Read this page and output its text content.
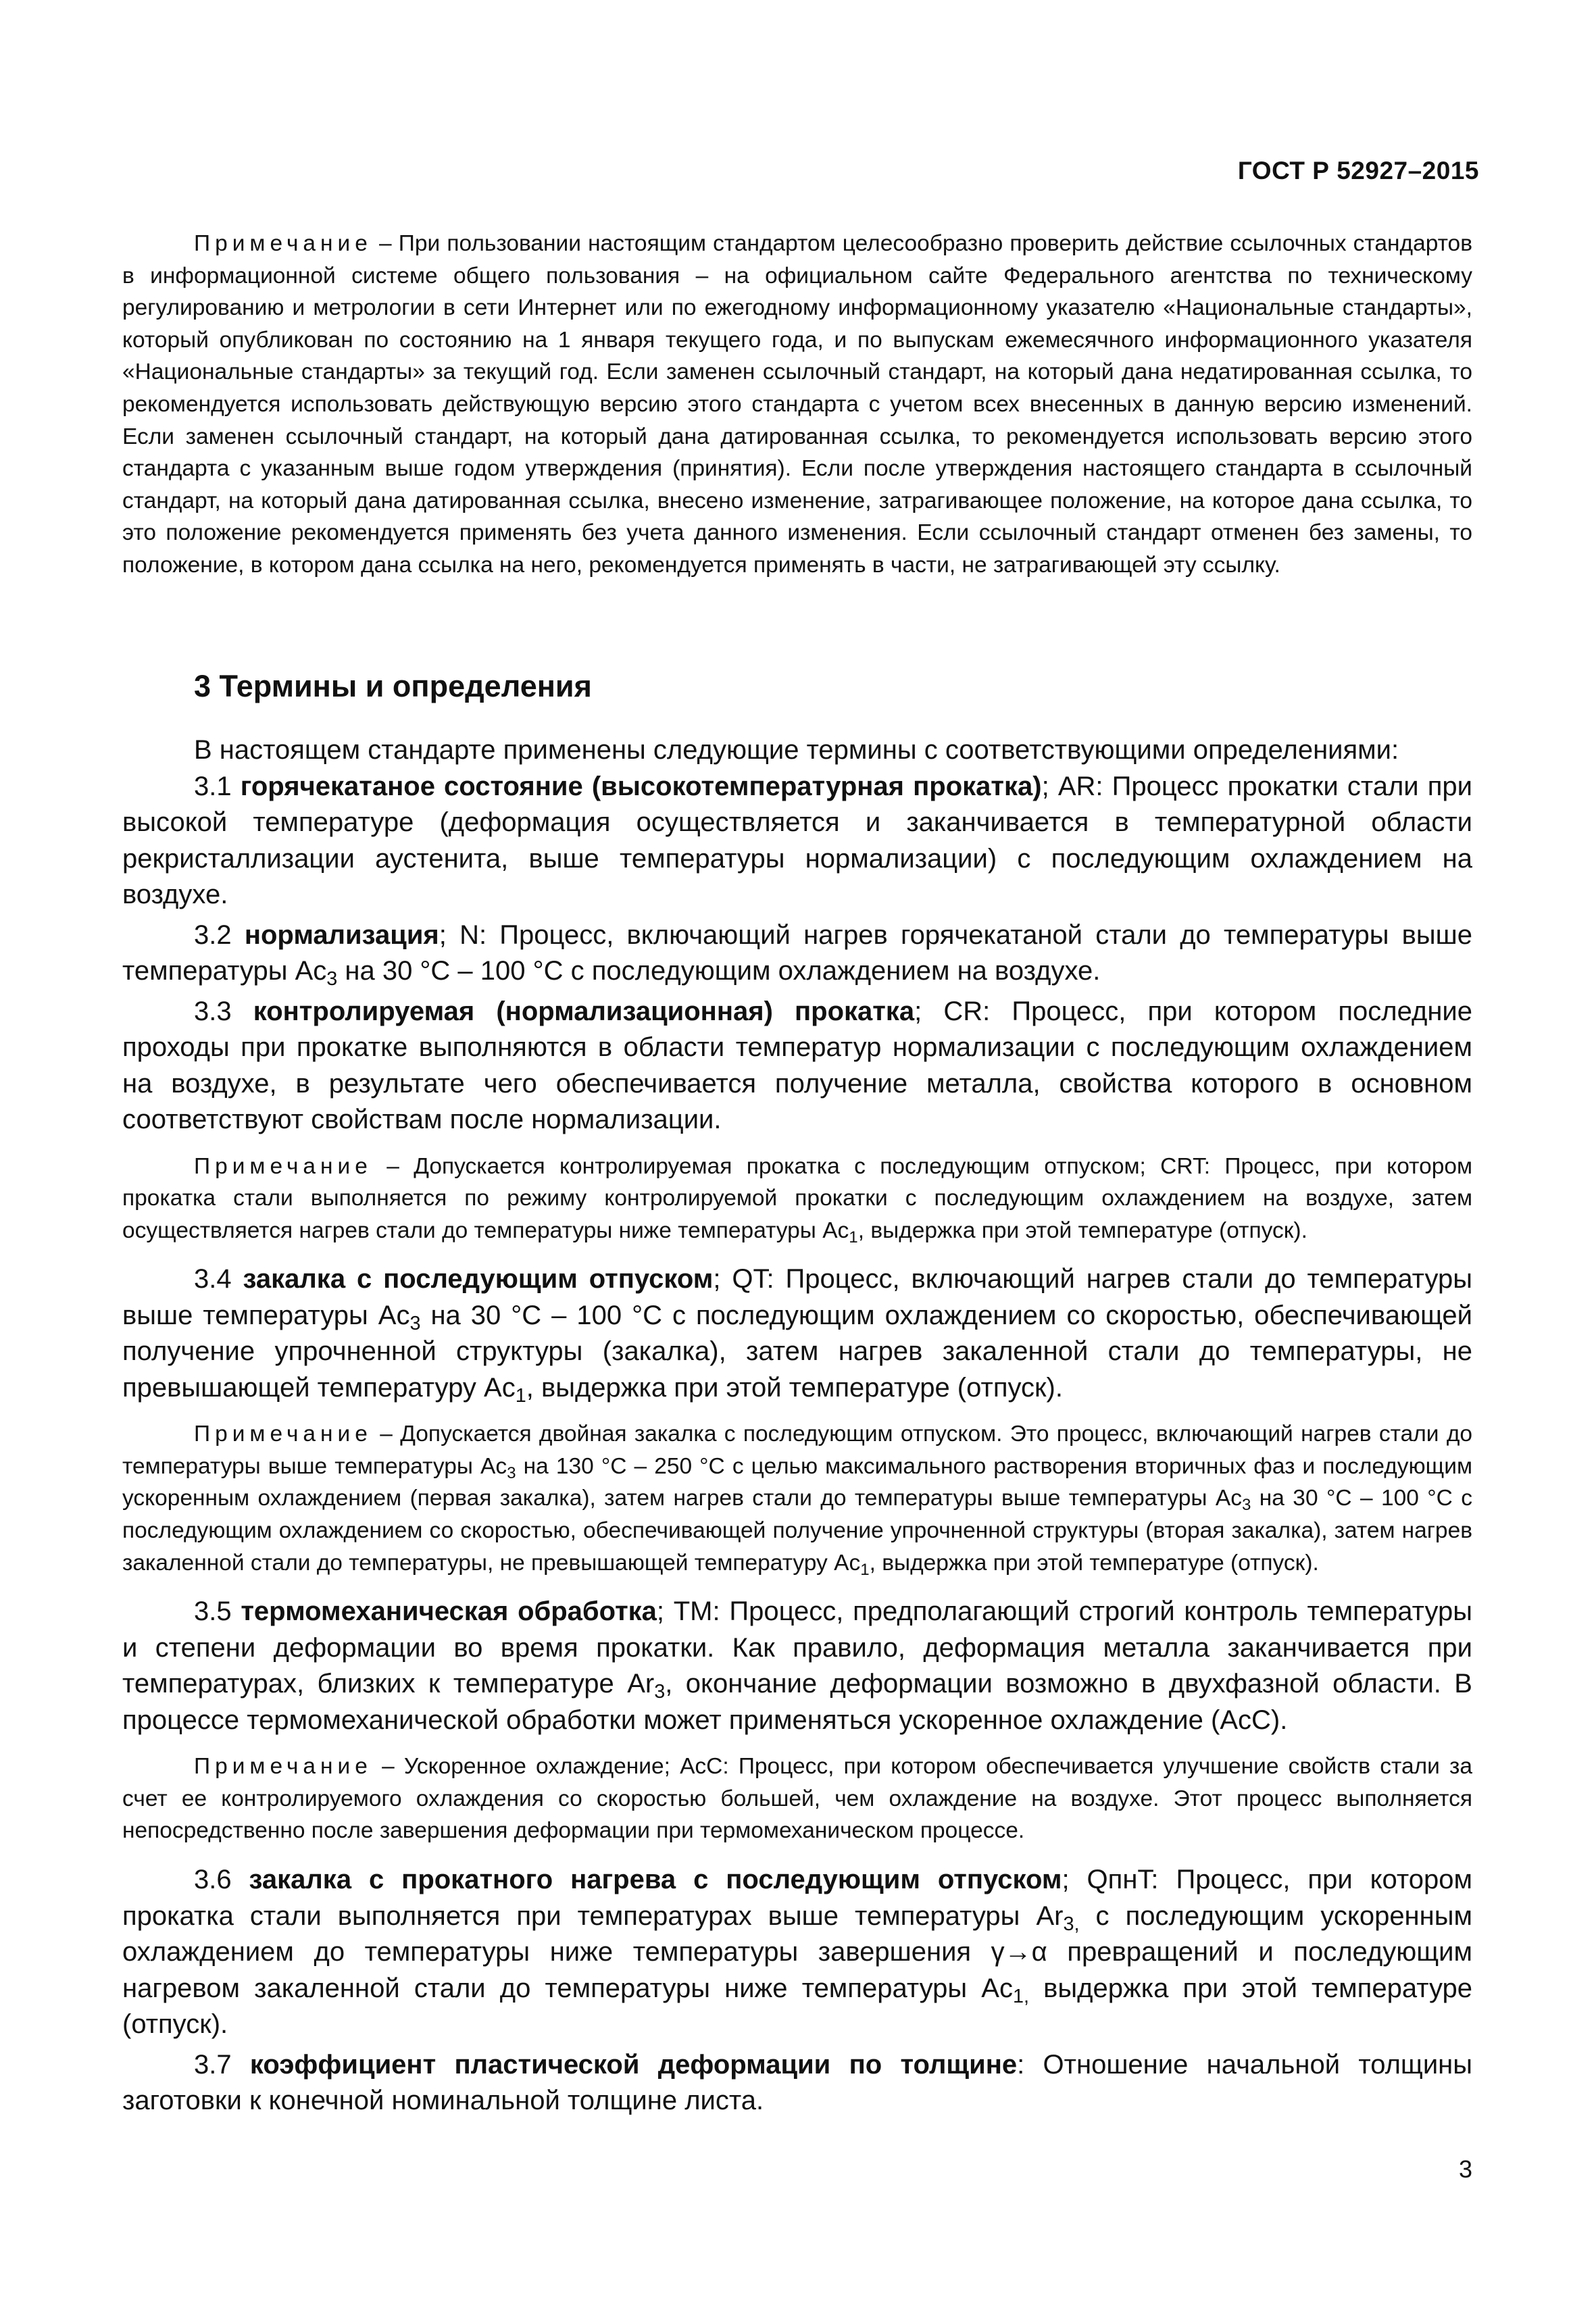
ГОСТ Р 52927–2015

Примечание – При пользовании настоящим стандартом целесообразно проверить действие ссылочных стандартов в информационной системе общего пользования – на официальном сайте Федерального агентства по техническому регулированию и метрологии в сети Интернет или по ежегодному информационному указателю «Национальные стандарты», который опубликован по состоянию на 1 января текущего года, и по выпускам ежемесячного информационного указателя «Национальные стандарты» за текущий год. Если заменен ссылочный стандарт, на который дана недатированная ссылка, то рекомендуется использовать действующую версию этого стандарта с учетом всех внесенных в данную версию изменений. Если заменен ссылочный стандарт, на который дана датированная ссылка, то рекомендуется использовать версию этого стандарта с указанным выше годом утверждения (принятия). Если после утверждения настоящего стандарта в ссылочный стандарт, на который дана датированная ссылка, внесено изменение, затрагивающее положение, на которое дана ссылка, то это положение рекомендуется применять без учета данного изменения. Если ссылочный стандарт отменен без замены, то положение, в котором дана ссылка на него, рекомендуется применять в части, не затрагивающей эту ссылку.

3 Термины и определения

В настоящем стандарте применены следующие термины с соответствующими определениями:

3.1 горячекатаное состояние (высокотемпературная прокатка); AR: Процесс прокатки стали при высокой температуре (деформация осуществляется и заканчивается в температурной области рекристаллизации аустенита, выше температуры нормализации) с последующим охлаждением на воздухе.

3.2 нормализация; N: Процесс, включающий нагрев горячекатаной стали до температуры выше температуры $Ac_3$ на 30 °С – 100 °С с последующим охлаждением на воздухе.

3.3 контролируемая (нормализационная) прокатка; CR: Процесс, при котором последние проходы при прокатке выполняются в области температур нормализации с последующим охлаждением на воздухе, в результате чего обеспечивается получение металла, свойства которого в основном соответствуют свойствам после нормализации.

Примечание – Допускается контролируемая прокатка с последующим отпуском; CRT: Процесс, при котором прокатка стали выполняется по режиму контролируемой прокатки с последующим охлаждением на воздухе, затем осуществляется нагрев стали до температуры ниже температуры $Ac_1$, выдержка при этой температуре (отпуск).

3.4 закалка с последующим отпуском; QT: Процесс, включающий нагрев стали до температуры выше температуры $Ac_3$ на 30 °С – 100 °С с последующим охлаждением со скоростью, обеспечивающей получение упрочненной структуры (закалка), затем нагрев закаленной стали до температуры, не превышающей температуру $Ac_1$, выдержка при этой температуре (отпуск).

Примечание – Допускается двойная закалка с последующим отпуском. Это процесс, включающий нагрев стали до температуры выше температуры $Ac_3$ на 130 °С – 250 °С с целью максимального растворения вторичных фаз и последующим ускоренным охлаждением (первая закалка), затем нагрев стали до температуры выше температуры $Ac_3$ на 30 °С – 100 °С с последующим охлаждением со скоростью, обеспечивающей получение упрочненной структуры (вторая закалка), затем нагрев закаленной стали до температуры, не превышающей температуру $Ac_1$, выдержка при этой температуре (отпуск).

3.5 термомеханическая обработка; TM: Процесс, предполагающий строгий контроль температуры и степени деформации во время прокатки. Как правило, деформация металла заканчивается при температурах, близких к температуре $Ar_3$, окончание деформации возможно в двухфазной области. В процессе термомеханической обработки может применяться ускоренное охлаждение (AcC).

Примечание – Ускоренное охлаждение; AcC: Процесс, при котором обеспечивается улучшение свойств стали за счет ее контролируемого охлаждения со скоростью большей, чем охлаждение на воздухе. Этот процесс выполняется непосредственно после завершения деформации при термомеханическом процессе.

3.6 закалка с прокатного нагрева с последующим отпуском; QпнT: Процесс, при котором прокатка стали выполняется при температурах выше температуры $Ar_{3,}$ с последующим ускоренным охлаждением до температуры ниже температуры завершения γ→α превращений и последующим нагревом закаленной стали до температуры ниже температуры $Ac_{1,}$ выдержка при этой температуре (отпуск).

3.7 коэффициент пластической деформации по толщине: Отношение начальной толщины заготовки к конечной номинальной толщине листа.

3
